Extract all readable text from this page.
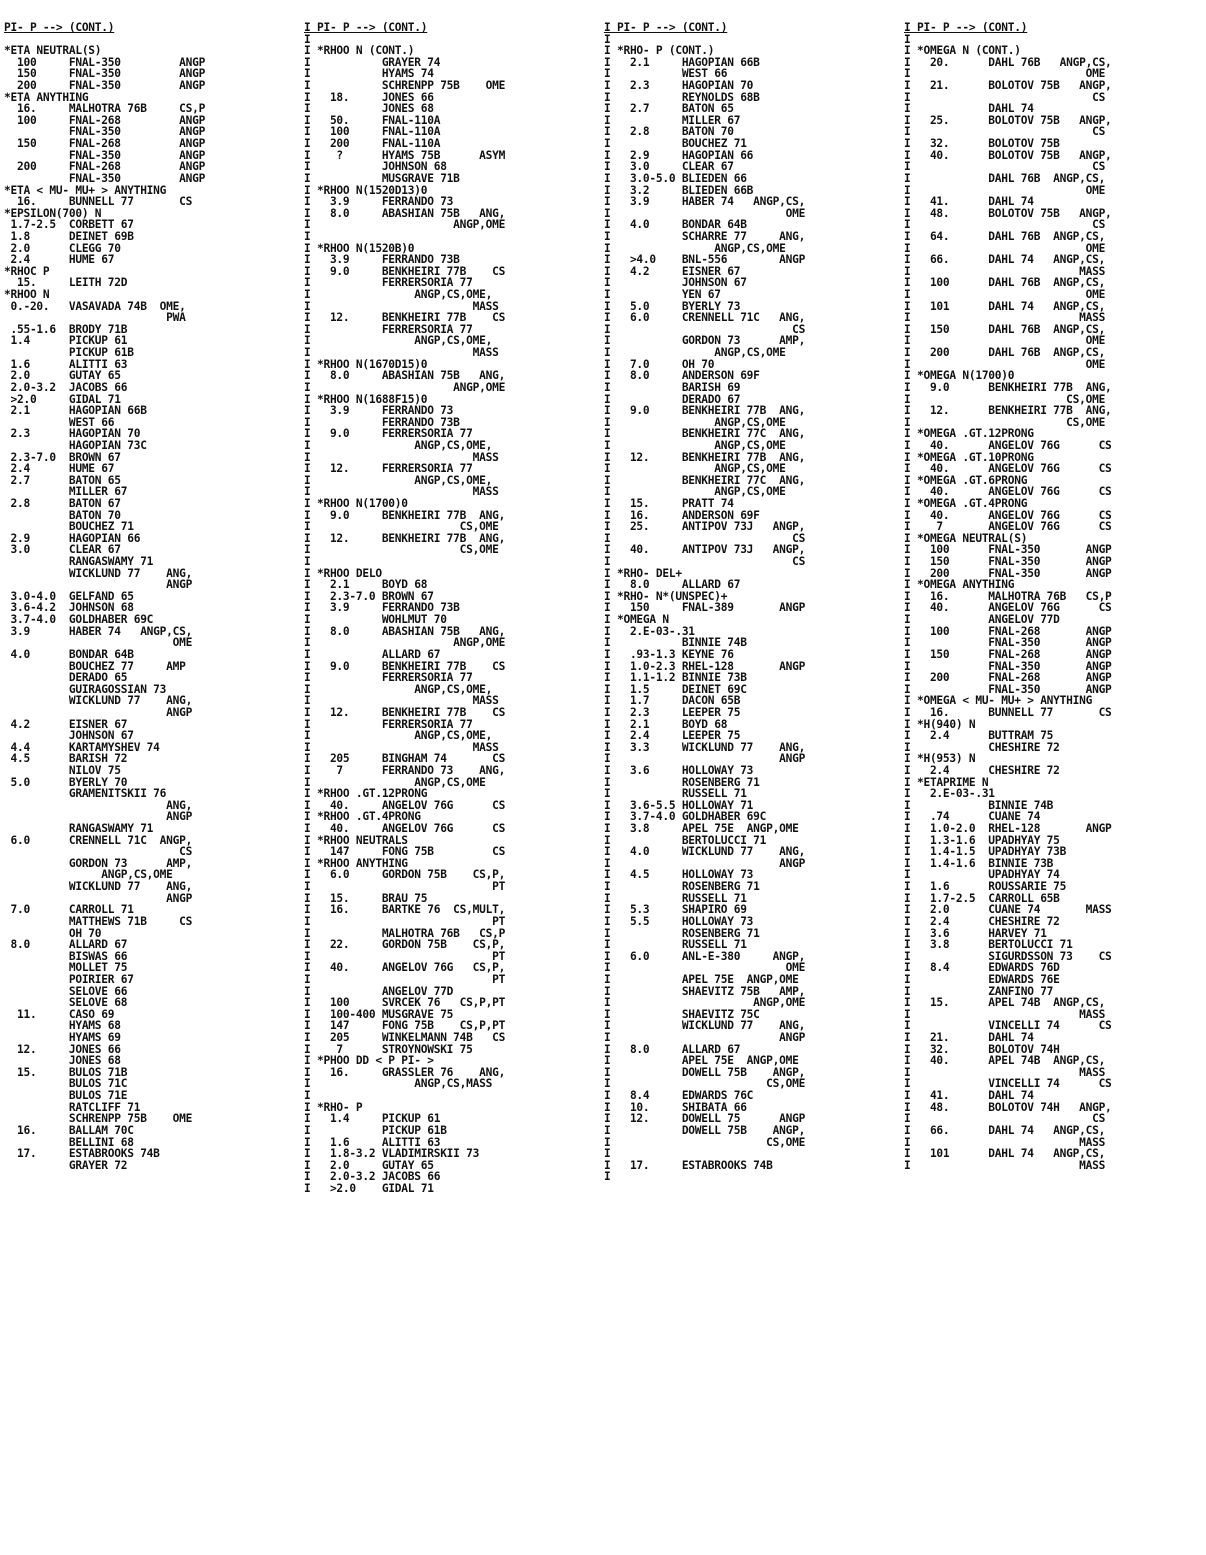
PI- P --> (CONT.)
*ETA NEUTRAL(S)
100     FNAL-350         ANGP
150     FNAL-350         ANGP
200     FNAL-350         ANGP
*ETA ANYTHING
16.     MALHOTRA 76B     CS,P
100     FNAL-268         ANGP
FNAL-350         ANGP
150     FNAL-268         ANGP
FNAL-350         ANGP
200     FNAL-268         ANGP
FNAL-350         ANGP
*ETA < MU- MU+ > ANYTHING
16.     BUNNELL 77       CS
*EPSILON(700) N
1.7-2.5  CORBETT 67
1.8      DEINET 69B
2.0      CLEGG 70
2.4      HUME 67
*RHOC P
15.     LEITH 72D
*RHOO N
0.-20.   VASAVADA 74B  OME,
PWA
.55-1.6  BRODY 71B
1.4      PICKUP 61
PICKUP 61B
1.6      ALITTI 63
2.0      GUTAY 65
2.0-3.2  JACOBS 66
>2.0     GIDAL 71
2.1      HAGOPIAN 66B
WEST 66
2.3      HAGOPIAN 70
HAGOPIAN 73C
2.3-7.0  BROWN 67
2.4      HUME 67
2.7      BATON 65
MILLER 67
2.8      BATON 67
BATON 70
BOUCHEZ 71
2.9      HAGOPIAN 66
3.0      CLEAR 67
RANGASWAMY 71
WICKLUND 77    ANG,
ANGP
3.0-4.0  GELFAND 65
3.6-4.2  JOHNSON 68
3.7-4.0  GOLDHABER 69C
3.9      HABER 74   ANGP,CS,
OME
4.0      BONDAR 64B
BOUCHEZ 77     AMP
DERADO 65
GUIRAGOSSIAN 73
WICKLUND 77    ANG,
ANGP
4.2      EISNER 67
JOHNSON 67
4.4      KARTAMYSHEV 74
4.5      BARISH 72
NILOV 75
5.0      BYERLY 70
GRAMENITSKII 76
ANG,
ANGP
RANGASWAMY 71
6.0      CRENNELL 71C  ANGP,
CS
GORDON 73      AMP,
ANGP,CS,OME
WICKLUND 77    ANG,
ANGP
7.0      CARROLL 71
MATTHEWS 71B     CS
OH 70
8.0      ALLARD 67
BISWAS 66
MOLLET 75
POIRIER 67
SELOVE 66
SELOVE 68
11.     CASO 69
HYAMS 68
HYAMS 69
12.     JONES 66
JONES 68
15.     BULOS 71B
BULOS 71C
BULOS 71E
RATCLIFF 71
SCHRENPP 75B    OME
16.     BALLAM 70C
BELLINI 68
17.     ESTABROOKS 74B
GRAYER 72
I PI- P --> (CONT.)
I
I *RHOO N (CONT.)
I           GRAYER 74
I           HYAMS 74
I           SCHRENPP 75B    OME
I   18.     JONES 66
I           JONES 68
I   50.     FNAL-110A
I   100     FNAL-110A
I   200     FNAL-110A
I    ?      HYAMS 75B      ASYM
I           JOHNSON 68
I           MUSGRAVE 71B
I *RHOO N(1520D13)0
I   3.9     FERRANDO 73
I   8.0     ABASHIAN 75B   ANG,
I                      ANGP,OME
I
I *RHOO N(1520B)0
I   3.9     FERRANDO 73B
I   9.0     BENKHEIRI 77B    CS
I           FERRERSORIA 77
I                ANGP,CS,OME,
I                         MASS
I   12.     BENKHEIRI 77B    CS
I           FERRERSORIA 77
I                ANGP,CS,OME,
I                         MASS
I *RHOO N(1670D15)0
I   8.0     ABASHIAN 75B   ANG,
I                      ANGP,OME
I *RHOO N(1688F15)0
I   3.9     FERRANDO 73
I           FERRANDO 73B
I   9.0     FERRERSORIA 77
I                ANGP,CS,OME,
I                         MASS
I   12.     FERRERSORIA 77
I                ANGP,CS,OME,
I                         MASS
I *RHOO N(1700)0
I   9.0     BENKHEIRI 77B  ANG,
I                       CS,OME
I   12.     BENKHEIRI 77B  ANG,
I                       CS,OME
I
I *RHOO DELO
I   2.1     BOYD 68
I   2.3-7.0 BROWN 67
I   3.9     FERRANDO 73B
I           WOHLMUT 70
I   8.0     ABASHIAN 75B   ANG,
I                      ANGP,OME
I           ALLARD 67
I   9.0     BENKHEIRI 77B    CS
I           FERRERSORIA 77
I                ANGP,CS,OME,
I                         MASS
I   12.     BENKHEIRI 77B    CS
I           FERRERSORIA 77
I                ANGP,CS,OME,
I                         MASS
I   205     BINGHAM 74       CS
I    7      FERRANDO 73    ANG,
I                ANGP,CS,OME
I *RHOO .GT.12PRONG
I   40.     ANGELOV 76G      CS
I *RHOO .GT.4PRONG
I   40.     ANGELOV 76G      CS
I *RHOO NEUTRALS
I   147     FONG 75B         CS
I *RHOO ANYTHING
I   6.0     GORDON 75B    CS,P,
I                            PT
I   15.     BRAU 75
I   16.     BARTKE 76  CS,MULT,
I                            PT
I           MALHOTRA 76B   CS,P
I   22.     GORDON 75B    CS,P,
I                            PT
I   40.     ANGELOV 76G   CS,P,
I                            PT
I           ANGELOV 77D
I   100     SVRCEK 76   CS,P,PT
I   100-400 MUSGRAVE 75
I   147     FONG 75B    CS,P,PT
I   205     WINKELMANN 74B   CS
I    7      STROYNOWSKI 75
I *PHOO DD < P PI- >
I   16.     GRASSLER 76    ANG,
I                ANGP,CS,MASS
I
I *RHO- P
I   1.4     PICKUP 61
I           PICKUP 61B
I   1.6     ALITTI 63
I   1.8-3.2 VLADIMIRSKII 73
I   2.0     GUTAY 65
I   2.0-3.2 JACOBS 66
I   >2.0    GIDAL 71
I PI- P --> (CONT.)
I
I *RHO- P (CONT.)
I   2.1     HAGOPIAN 66B
I           WEST 66
I   2.3     HAGOPIAN 70
I           REYNOLDS 68B
I   2.7     BATON 65
I           MILLER 67
I   2.8     BATON 70
I           BOUCHEZ 71
I   2.9     HAGOPIAN 66
I   3.0     CLEAR 67
I   3.0-5.0 BLIEDEN 66
I   3.2     BLIEDEN 66B
I   3.9     HABER 74   ANGP,CS,
I                           OME
I   4.0     BONDAR 64B
I           SCHARRE 77     ANG,
I                ANGP,CS,OME
I   >4.0    BNL-556        ANGP
I   4.2     EISNER 67
I           JOHNSON 67
I           YEN 67
I   5.0     BYERLY 73
I   6.0     CRENNELL 71C   ANG,
I                            CS
I           GORDON 73      AMP,
I                ANGP,CS,OME
I   7.0     OH 70
I   8.0     ANDERSON 69F
I           BARISH 69
I           DERADO 67
I   9.0     BENKHEIRI 77B  ANG,
I                ANGP,CS,OME
I           BENKHEIRI 77C  ANG,
I                ANGP,CS,OME
I   12.     BENKHEIRI 77B  ANG,
I                ANGP,CS,OME
I           BENKHEIRI 77C  ANG,
I                ANGP,CS,OME
I   15.     PRATT 74
I   16.     ANDERSON 69F
I   25.     ANTIPOV 73J   ANGP,
I                            CS
I   40.     ANTIPOV 73J   ANGP,
I                            CS
I *RHO- DEL+
I   8.0     ALLARD 67
I *RHO- N*(UNSPEC)+
I   150     FNAL-389       ANGP
I *OMEGA N
I   2.E-03-.31
I           BINNIE 74B
I   .93-1.3 KEYNE 76
I   1.0-2.3 RHEL-128       ANGP
I   1.1-1.2 BINNIE 73B
I   1.5     DEINET 69C
I   1.7     DACON 65B
I   2.3     LEEPER 75
I   2.1     BOYD 68
I   2.4     LEEPER 75
I   3.3     WICKLUND 77    ANG,
I                          ANGP
I   3.6     HOLLOWAY 73
I           ROSENBERG 71
I           RUSSELL 71
I   3.6-5.5 HOLLOWAY 71
I   3.7-4.0 GOLDHABER 69C
I   3.8     APEL 75E  ANGP,OME
I           BERTOLUCCI 71
I   4.0     WICKLUND 77    ANG,
I                          ANGP
I   4.5     HOLLOWAY 73
I           ROSENBERG 71
I           RUSSELL 71
I   5.3     SHAPIRO 69
I   5.5     HOLLOWAY 73
I           ROSENBERG 71
I           RUSSELL 71
I   6.0     ANL-E-380     ANGP,
I                           OME
I           APEL 75E  ANGP,OME
I           SHAEVITZ 75B   AMP,
I                      ANGP,OME
I           SHAEVITZ 75C
I           WICKLUND 77    ANG,
I                          ANGP
I   8.0     ALLARD 67
I           APEL 75E  ANGP,OME
I           DOWELL 75B    ANGP,
I                        CS,OME
I   8.4     EDWARDS 76C
I   10.     SHIBATA 66
I   12.     DOWELL 75      ANGP
I           DOWELL 75B    ANGP,
I                        CS,OME
I
I   17.     ESTABROOKS 74B
I
I PI- P --> (CONT.)
I
I *OMEGA N (CONT.)
I   20.      DAHL 76B   ANGP,CS,
I                           OME
I   21.      BOLOTOV 75B   ANGP,
I                            CS
I            DAHL 74
I   25.      BOLOTOV 75B   ANGP,
I                            CS
I   32.      BOLOTOV 75B
I   40.      BOLOTOV 75B   ANGP,
I                            CS
I            DAHL 76B  ANGP,CS,
I                           OME
I   41.      DAHL 74
I   48.      BOLOTOV 75B   ANGP,
I                            CS
I   64.      DAHL 76B  ANGP,CS,
I                           OME
I   66.      DAHL 74   ANGP,CS,
I                          MASS
I   100      DAHL 76B  ANGP,CS,
I                           OME
I   101      DAHL 74   ANGP,CS,
I                          MASS
I   150      DAHL 76B  ANGP,CS,
I                           OME
I   200      DAHL 76B  ANGP,CS,
I                           OME
I *OMEGA N(1700)0
I   9.0      BENKHEIRI 77B  ANG,
I                        CS,OME
I   12.      BENKHEIRI 77B  ANG,
I                        CS,OME
I *OMEGA .GT.12PRONG
I   40.      ANGELOV 76G      CS
I *OMEGA .GT.10PRONG
I   40.      ANGELOV 76G      CS
I *OMEGA .GT.6PRONG
I   40.      ANGELOV 76G      CS
I *OMEGA .GT.4PRONG
I   40.      ANGELOV 76G      CS
I    7       ANGELOV 76G      CS
I *OMEGA NEUTRAL(S)
I   100      FNAL-350       ANGP
I   150      FNAL-350       ANGP
I   200      FNAL-350       ANGP
I *OMEGA ANYTHING
I   16.      MALHOTRA 76B   CS,P
I   40.      ANGELOV 76G      CS
I            ANGELOV 77D
I   100      FNAL-268       ANGP
I            FNAL-350       ANGP
I   150      FNAL-268       ANGP
I            FNAL-350       ANGP
I   200      FNAL-268       ANGP
I            FNAL-350       ANGP
I *OMEGA < MU- MU+ > ANYTHING
I   16.      BUNNELL 77       CS
I *H(940) N
I   2.4      BUTTRAM 75
I            CHESHIRE 72
I *H(953) N
I   2.4      CHESHIRE 72
I *ETAPRIME N
I   2.E-03-.31
I            BINNIE 74B
I   .74      CUANE 74
I   1.0-2.0  RHEL-128       ANGP
I   1.3-1.6  UPADHYAY 75
I   1.4-1.5  UPADHYAY 73B
I   1.4-1.6  BINNIE 73B
I            UPADHYAY 74
I   1.6      ROUSSARIE 75
I   1.7-2.5  CARROLL 65B
I   2.0      CUANE 74       MASS
I   2.4      CHESHIRE 72
I   3.6      HARVEY 71
I   3.8      BERTOLUCCI 71
I            SIGURDSSON 73    CS
I   8.4      EDWARDS 76D
I            EDWARDS 76E
I            ZANFINO 77
I   15.      APEL 74B  ANGP,CS,
I                          MASS
I            VINCELLI 74      CS
I   21.      DAHL 74
I   32.      BOLOTOV 74H
I   40.      APEL 74B  ANGP,CS,
I                          MASS
I            VINCELLI 74      CS
I   41.      DAHL 74
I   48.      BOLOTOV 74H   ANGP,
I                            CS
I   66.      DAHL 74   ANGP,CS,
I                          MASS
I   101      DAHL 74   ANGP,CS,
I                          MASS
